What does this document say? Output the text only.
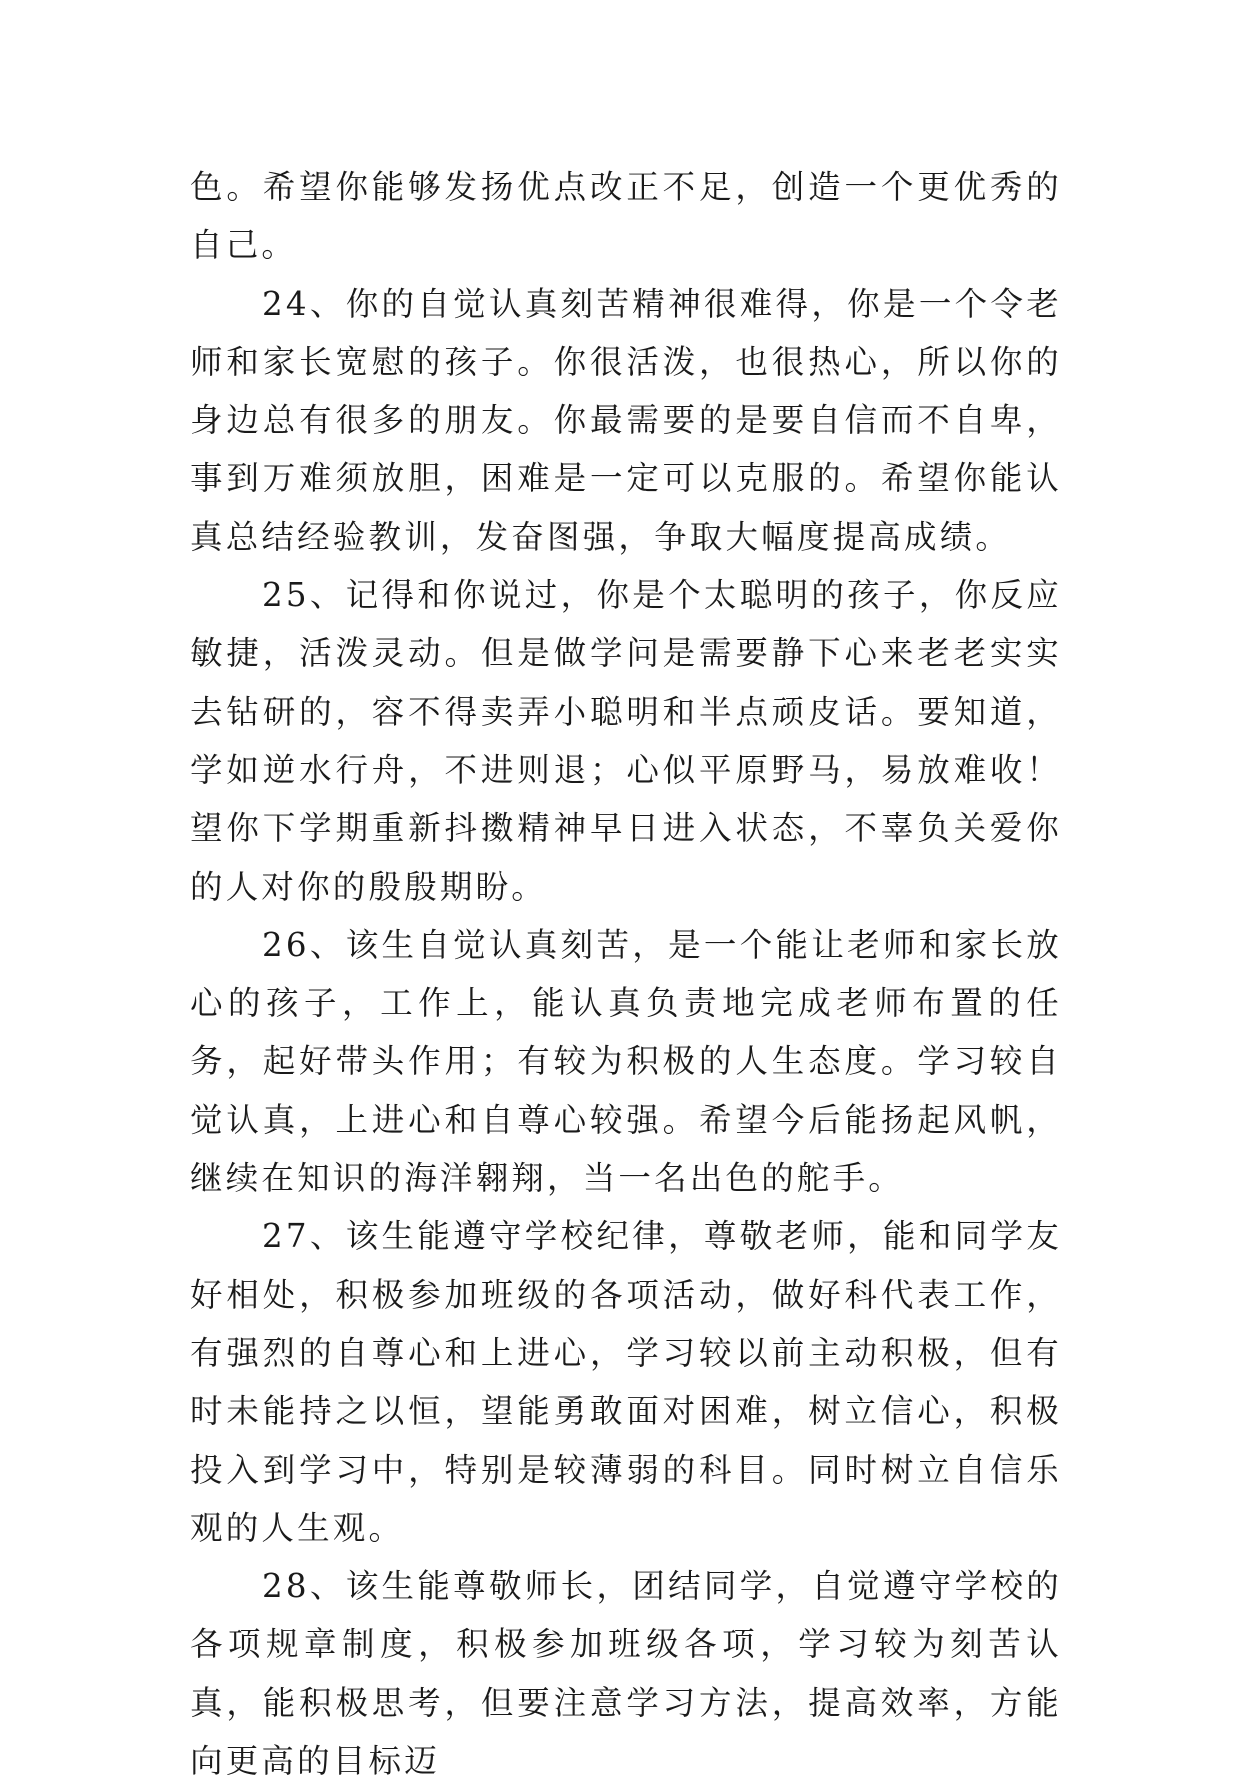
色。希望你能够发扬优点改正不足，创造一个更优秀的自己。

24、你的自觉认真刻苦精神很难得，你是一个令老师和家长宽慰的孩子。你很活泼，也很热心，所以你的身边总有很多的朋友。你最需要的是要自信而不自卑，事到万难须放胆，困难是一定可以克服的。希望你能认真总结经验教训，发奋图强，争取大幅度提高成绩。

25、记得和你说过，你是个太聪明的孩子，你反应敏捷，活泼灵动。但是做学问是需要静下心来老老实实去钻研的，容不得卖弄小聪明和半点顽皮话。要知道，学如逆水行舟，不进则退；心似平原野马，易放难收！望你下学期重新抖擞精神早日进入状态，不辜负关爱你的人对你的殷殷期盼。

26、该生自觉认真刻苦，是一个能让老师和家长放心的孩子，工作上，能认真负责地完成老师布置的任务，起好带头作用；有较为积极的人生态度。学习较自觉认真，上进心和自尊心较强。希望今后能扬起风帆，继续在知识的海洋翱翔，当一名出色的舵手。

27、该生能遵守学校纪律，尊敬老师，能和同学友好相处，积极参加班级的各项活动，做好科代表工作，有强烈的自尊心和上进心，学习较以前主动积极，但有时未能持之以恒，望能勇敢面对困难，树立信心，积极投入到学习中，特别是较薄弱的科目。同时树立自信乐观的人生观。

28、该生能尊敬师长，团结同学，自觉遵守学校的各项规章制度，积极参加班级各项，学习较为刻苦认真，能积极思考，但要注意学习方法，提高效率，方能向更高的目标迈
